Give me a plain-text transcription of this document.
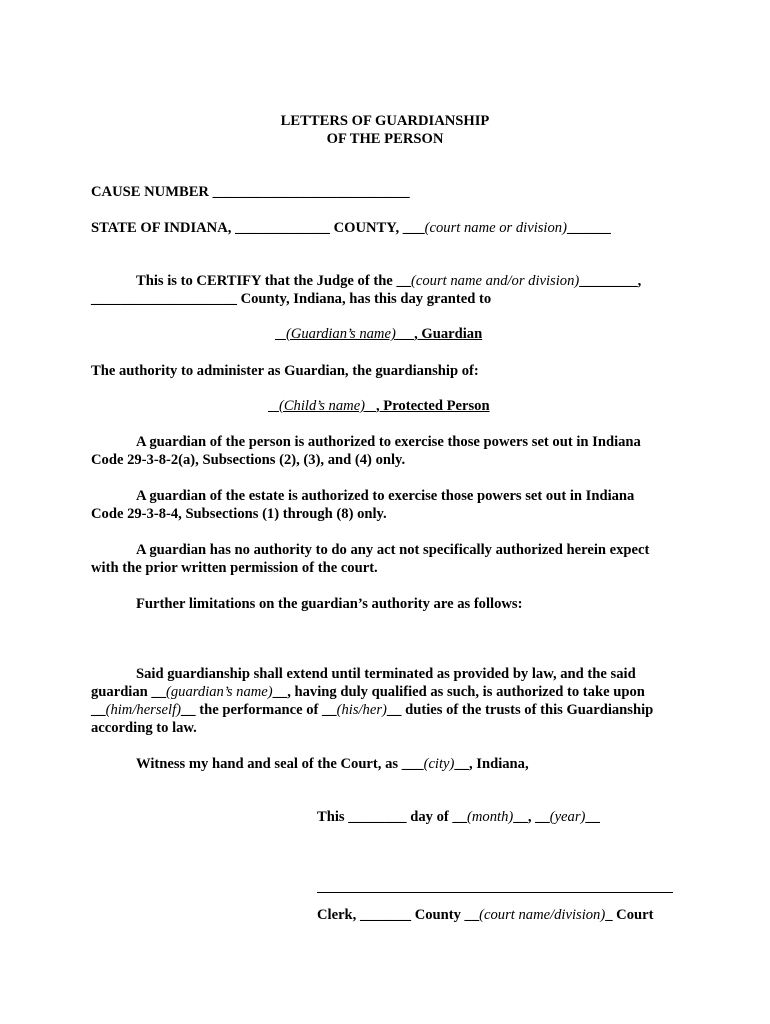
LETTERS OF GUARDIANSHIP
OF THE PERSON
CAUSE NUMBER ___________________________
STATE OF INDIANA, _____________ COUNTY, ___(court name or division)______
This is to CERTIFY that the Judge of the __(court name and/or division)________,
____________________ County, Indiana, has this day granted to
(Guardian’s name) , Guardian
The authority to administer as Guardian, the guardianship of:
(Child’s name) , Protected Person
A guardian of the person is authorized to exercise those powers set out in Indiana
Code 29-3-8-2(a), Subsections (2), (3), and (4) only.
A guardian of the estate is authorized to exercise those powers set out in Indiana
Code 29-3-8-4, Subsections (1) through (8) only.
A guardian has no authority to do any act not specifically authorized herein expect
with the prior written permission of the court.
Further limitations on the guardian’s authority are as follows:
Said guardianship shall extend until terminated as provided by law, and the said
guardian __(guardian’s name)__, having duly qualified as such, is authorized to take upon
__(him/herself)__ the performance of __(his/her)__ duties of the trusts of this Guardianship
according to law.
Witness my hand and seal of the Court, as ___(city)__, Indiana,
This ________ day of __(month)__, __(year)__
Clerk, _______ County __(court name/division)_ Court
